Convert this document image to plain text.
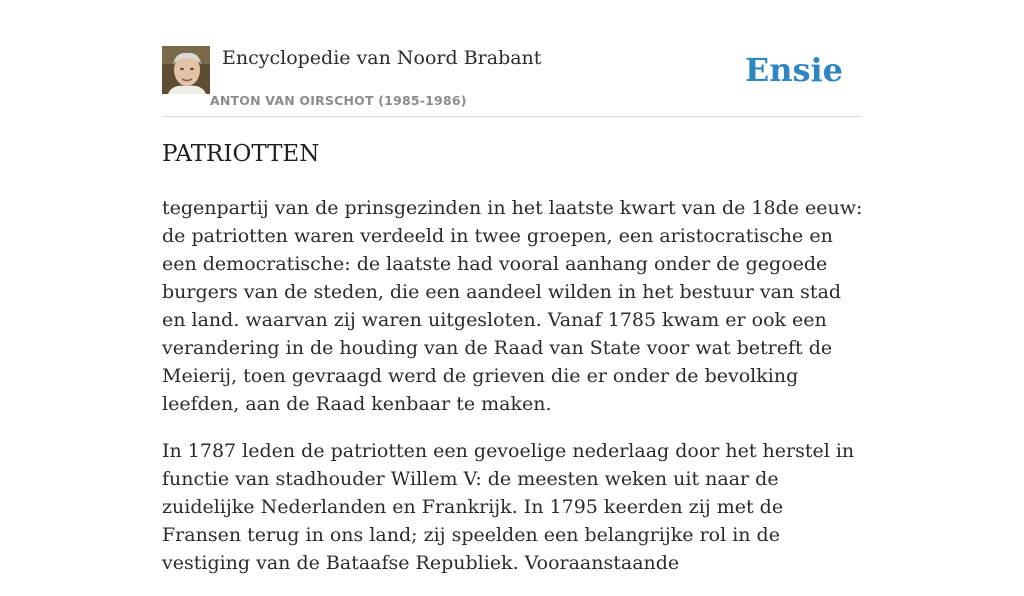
Encyclopedie van Noord Brabant
ANTON VAN OIRSCHOT (1985-1986)
Ensie
PATRIOTTEN

tegenpartij van de prinsgezinden in het laatste kwart van de 18de eeuw: de patriotten waren verdeeld in twee groepen, een aristocratische en een democratische: de laatste had vooral aanhang onder de gegoede burgers van de steden, die een aandeel wilden in het bestuur van stad en land. waarvan zij waren uitgesloten. Vanaf 1785 kwam er ook een verandering in de houding van de Raad van State voor wat betreft de Meierij, toen gevraagd werd de grieven die er onder de bevolking leefden, aan de Raad kenbaar te maken.

In 1787 leden de patriotten een gevoelige nederlaag door het herstel in functie van stadhouder Willem V: de meesten weken uit naar de zuidelijke Nederlanden en Frankrijk. In 1795 keerden zij met de Fransen terug in ons land; zij speelden een belangrijke rol in de vestiging van de Bataafse Republiek. Vooraanstaande
